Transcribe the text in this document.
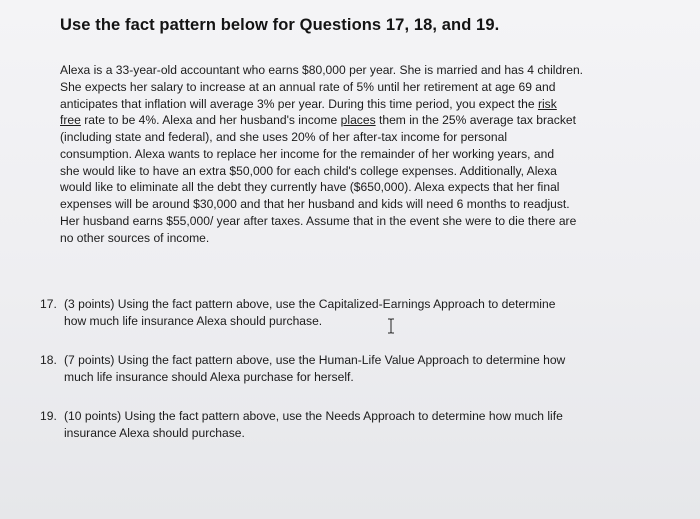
Use the fact pattern below for Questions 17, 18, and 19.
Alexa is a 33-year-old accountant who earns $80,000 per year. She is married and has 4 children.
She expects her salary to increase at an annual rate of 5% until her retirement at age 69 and
anticipates that inflation will average 3% per year. During this time period, you expect the risk
free rate to be 4%. Alexa and her husband's income places them in the 25% average tax bracket
(including state and federal), and she uses 20% of her after-tax income for personal
consumption. Alexa wants to replace her income for the remainder of her working years, and
she would like to have an extra $50,000 for each child's college expenses. Additionally, Alexa
would like to eliminate all the debt they currently have ($650,000). Alexa expects that her final
expenses will be around $30,000 and that her husband and kids will need 6 months to readjust.
Her husband earns $55,000/ year after taxes. Assume that in the event she were to die there are
no other sources of income.
17. (3 points) Using the fact pattern above, use the Capitalized-Earnings Approach to determine
how much life insurance Alexa should purchase.
18. (7 points) Using the fact pattern above, use the Human-Life Value Approach to determine how
much life insurance should Alexa purchase for herself.
19. (10 points) Using the fact pattern above, use the Needs Approach to determine how much life
insurance Alexa should purchase.
